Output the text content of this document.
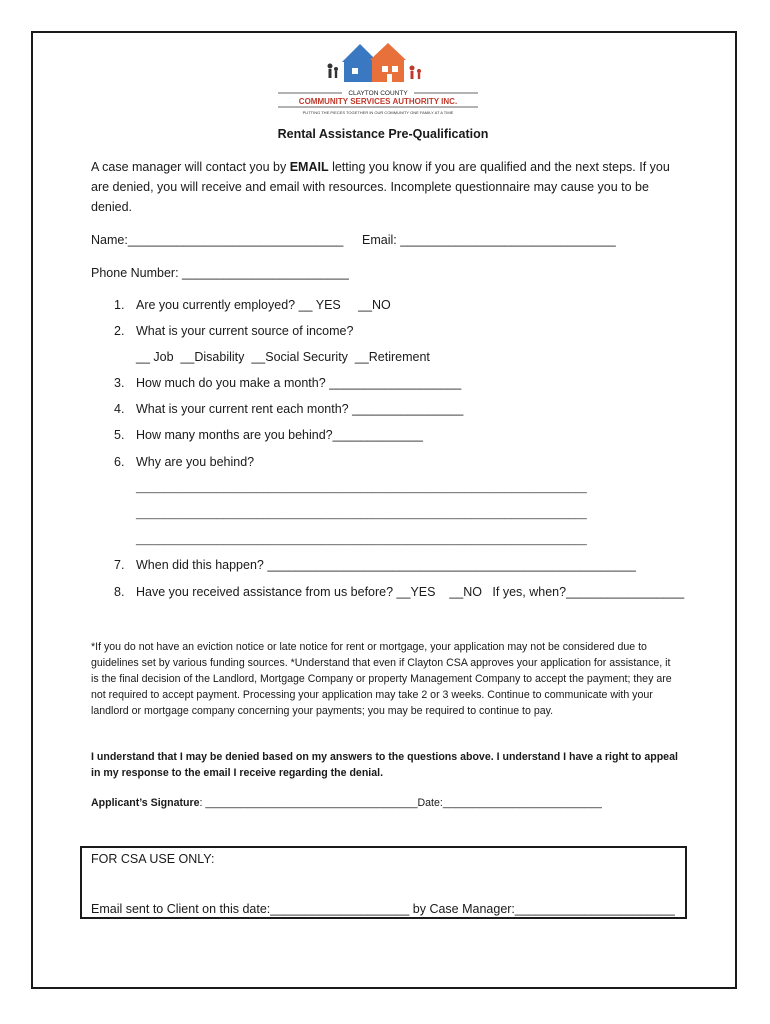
CLAYTON COUNTY
COMMUNITY SERVICES AUTHORITY INC.
PUTTING THE PIECES TOGETHER IN OUR COMMUNITY ONE FAMILY AT A TIME
Rental Assistance Pre-Qualification
A case manager will contact you by EMAIL letting you know if you are qualified and the next steps. If you are denied, you will receive and email with resources. Incomplete questionnaire may cause you to be denied.
Name:_______________________________ Email: _______________________________
Phone Number: ________________________
1. Are you currently employed? __ YES     __NO
2. What is your current source of income?
__ Job  __Disability  __Social Security  __Retirement
3. How much do you make a month? ___________________
4. What is your current rent each month? ________________
5. How many months are you behind?_____________
6. Why are you behind?
______________________________________________________________________________
______________________________________________________________________________
______________________________________________________________________________
7. When did this happen? _____________________________________________________
8. Have you received assistance from us before? __YES    __NO   If yes, when?_________________
*If you do not have an eviction notice or late notice for rent or mortgage, your application may not be considered due to guidelines set by various funding sources. *Understand that even if Clayton CSA approves your application for assistance, it is the final decision of the Landlord, Mortgage Company or property Management Company to accept the payment; they are not required to accept payment. Processing your application may take 2 or 3 weeks. Continue to communicate with your landlord or mortgage company concerning your payments; you may be required to continue to pay.
I understand that I may be denied based on my answers to the questions above. I understand I have a right to appeal in my response to the email I receive regarding the denial.
Applicant’s Signature: ____________________________________Date:___________________________
FOR CSA USE ONLY:
Email sent to Client on this date:____________________ by Case Manager:_______________________
